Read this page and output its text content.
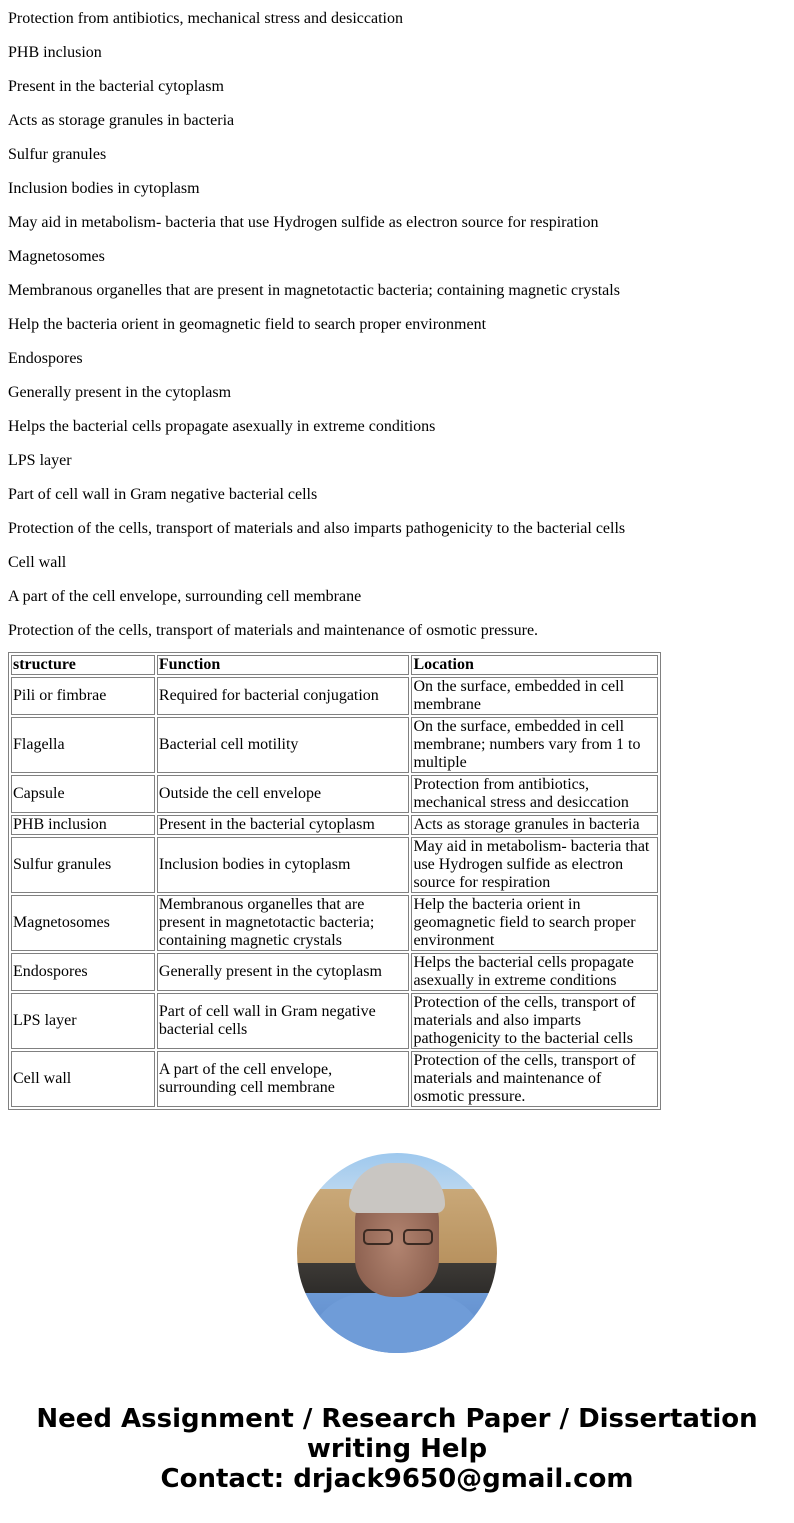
Protection from antibiotics, mechanical stress and desiccation

PHB inclusion

Present in the bacterial cytoplasm

Acts as storage granules in bacteria

Sulfur granules

Inclusion bodies in cytoplasm

May aid in metabolism- bacteria that use Hydrogen sulfide as electron source for respiration

Magnetosomes

Membranous organelles that are present in magnetotactic bacteria; containing magnetic crystals

Help the bacteria orient in geomagnetic field to search proper environment

Endospores

Generally present in the cytoplasm

Helps the bacterial cells propagate asexually in extreme conditions

LPS layer

Part of cell wall in Gram negative bacterial cells

Protection of the cells, transport of materials and also imparts pathogenicity to the bacterial cells

Cell wall

A part of the cell envelope, surrounding cell membrane

Protection of the cells, transport of materials and maintenance of osmotic pressure.

structure	Function	Location
Pili or fimbrae	Required for bacterial conjugation	On the surface, embedded in cell membrane
Flagella	Bacterial cell motility	On the surface, embedded in cell membrane; numbers vary from 1 to multiple
Capsule	Outside the cell envelope	Protection from antibiotics, mechanical stress and desiccation
PHB inclusion	Present in the bacterial cytoplasm	Acts as storage granules in bacteria
Sulfur granules	Inclusion bodies in cytoplasm	May aid in metabolism- bacteria that use Hydrogen sulfide as electron source for respiration
Magnetosomes	Membranous organelles that are present in magnetotactic bacteria; containing magnetic crystals	Help the bacteria orient in geomagnetic field to search proper environment
Endospores	Generally present in the cytoplasm	Helps the bacterial cells propagate asexually in extreme conditions
LPS layer	Part of cell wall in Gram negative bacterial cells	Protection of the cells, transport of materials and also imparts pathogenicity to the bacterial cells
Cell wall	A part of the cell envelope, surrounding cell membrane	Protection of the cells, transport of materials and maintenance of osmotic pressure.
Need Assignment / Research Paper / Dissertation
writing Help
Contact: drjack9650@gmail.com
